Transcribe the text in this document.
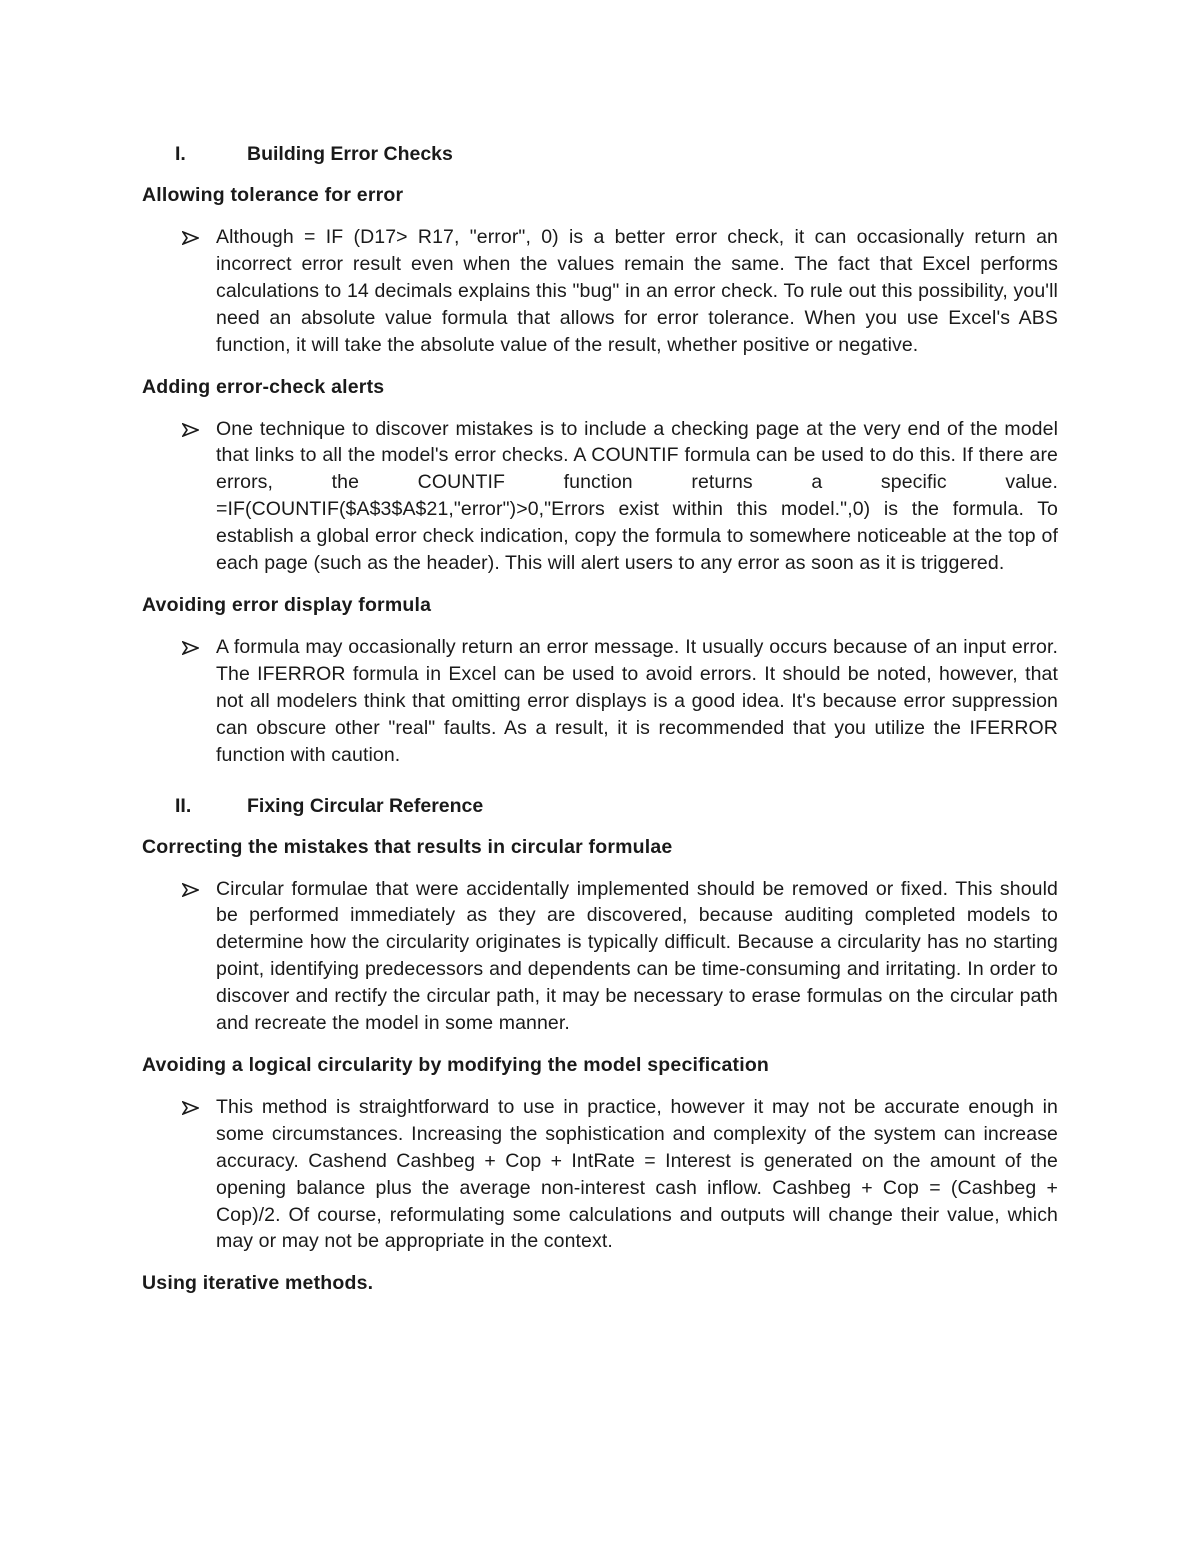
I.	Building Error Checks
Allowing tolerance for error
Although = IF (D17> R17, "error", 0) is a better error check, it can occasionally return an incorrect error result even when the values remain the same. The fact that Excel performs calculations to 14 decimals explains this "bug" in an error check. To rule out this possibility, you'll need an absolute value formula that allows for error tolerance. When you use Excel's ABS function, it will take the absolute value of the result, whether positive or negative.
Adding error-check alerts
One technique to discover mistakes is to include a checking page at the very end of the model that links to all the model's error checks. A COUNTIF formula can be used to do this. If there are errors, the COUNTIF function returns a specific value. =IF(COUNTIF($A$3$A$21,"error")>0,"Errors exist within this model.",0) is the formula. To establish a global error check indication, copy the formula to somewhere noticeable at the top of each page (such as the header). This will alert users to any error as soon as it is triggered.
Avoiding error display formula
A formula may occasionally return an error message. It usually occurs because of an input error. The IFERROR formula in Excel can be used to avoid errors. It should be noted, however, that not all modelers think that omitting error displays is a good idea. It's because error suppression can obscure other "real" faults. As a result, it is recommended that you utilize the IFERROR function with caution.
II.	Fixing Circular Reference
Correcting the mistakes that results in circular formulae
Circular formulae that were accidentally implemented should be removed or fixed. This should be performed immediately as they are discovered, because auditing completed models to determine how the circularity originates is typically difficult. Because a circularity has no starting point, identifying predecessors and dependents can be time-consuming and irritating. In order to discover and rectify the circular path, it may be necessary to erase formulas on the circular path and recreate the model in some manner.
Avoiding a logical circularity by modifying the model specification
This method is straightforward to use in practice, however it may not be accurate enough in some circumstances. Increasing the sophistication and complexity of the system can increase accuracy. Cashend Cashbeg + Cop + IntRate = Interest is generated on the amount of the opening balance plus the average non-interest cash inflow. Cashbeg + Cop = (Cashbeg + Cop)/2. Of course, reformulating some calculations and outputs will change their value, which may or may not be appropriate in the context.
Using iterative methods.
